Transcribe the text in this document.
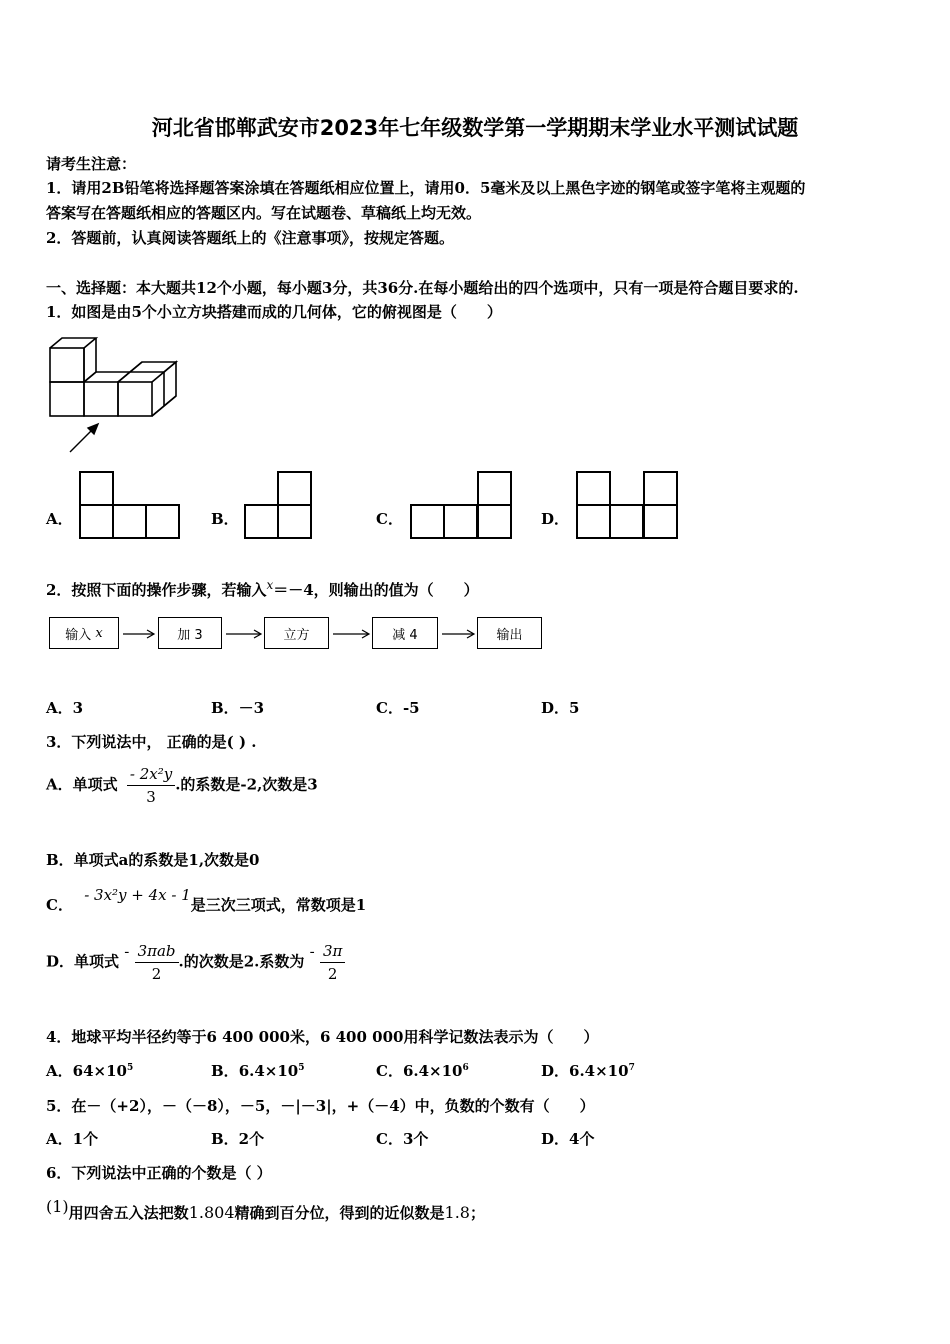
河北省邯郸武安市2023年七年级数学第一学期期末学业水平测试试题
请考生注意：
1．请用2B铅笔将选择题答案涂填在答题纸相应位置上，请用0．5毫米及以上黑色字迹的钢笔或签字笔将主观题的
答案写在答题纸相应的答题区内。写在试题卷、草稿纸上均无效。
2．答题前，认真阅读答题纸上的《注意事项》，按规定答题。
一、选择题：本大题共12个小题，每小题3分，共36分.在每小题给出的四个选项中，只有一项是符合题目要求的.
1．如图是由5个小立方块搭建而成的几何体，它的俯视图是（　　）
A．	B．	C．	D．
2．按照下面的操作步骤，若输入$^x$＝－4，则输出的值为（　　）
输入
x	加 3	立方	减 4	输出
A．3	B．－3	C．-5	D．5
3．下列说法中， 正确的是( ) .
A．单项式 $\frac{\text{- 2x²y}}{3}$ .的系数是-2,次数是3
B．单项式a的系数是1,次数是0
C． - 3x²y + 4x - 1是三次三项式，常数项是1
D．单项式 - $\frac{\text{3πab}}{2}$ .的次数是2.系数为 - $\frac{3\pi}{2}$
4．地球平均半径约等于6 400 000米，6 400 000用科学记数法表示为（　　）
A．$64\times 10^5$	B．$6.4\times 10^5$	C．$6.4\times 10^6$	D．$6.4\times 10^7$
5．在－（+2），－（－8），－5，－|－3|，+（－4）中，负数的个数有（　　）
A．1个	B．2个	C．3个	D．4个
6．下列说法中正确的个数是（ ）
(1)用四舍五入法把数1.804精确到百分位，得到的近似数是1.8；
